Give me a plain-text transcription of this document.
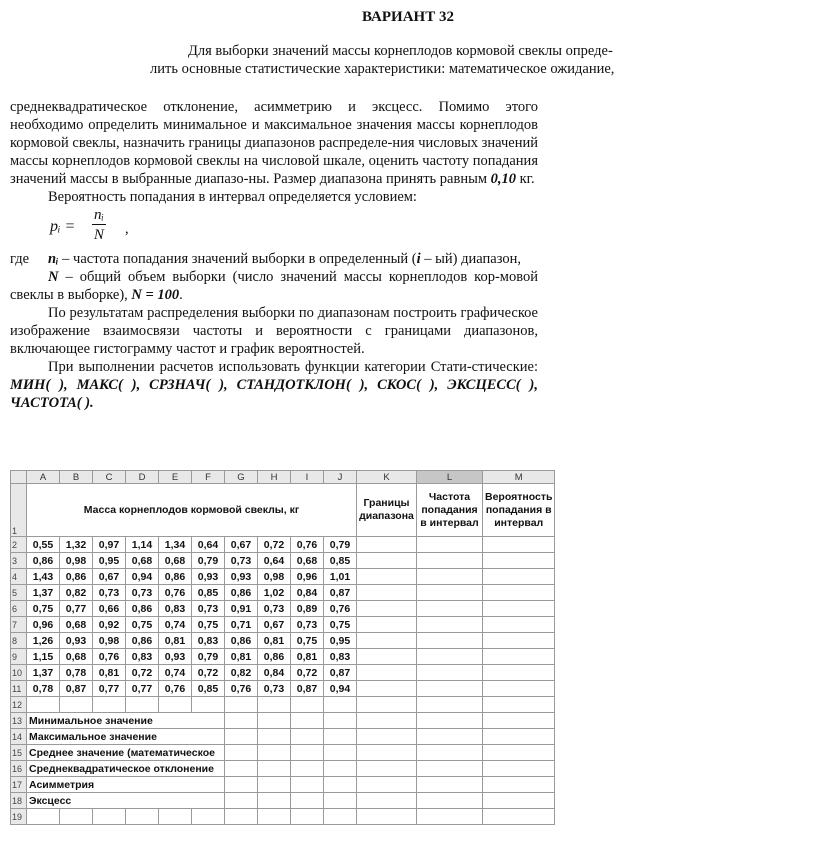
ВАРИАНТ 32

Для выборки значений массы корнеплодов кормовой свеклы опреде-
лить основные статистические характеристики: математическое ожидание,

среднеквадратическое отклонение, асимметрию и эксцесс. Помимо этого необходимо определить минимальное и максимальное значения массы корнеплодов кормовой свеклы, назначить границы диапазонов распределе-ния числовых значений массы корнеплодов кормовой свеклы на числовой шкале, оценить частоту попадания значений массы в выбранные диапазо-ны. Размер диапазона принять равным 0,10 кг.

Вероятность попадания в интервал определяется условием:

pᵢ = $\frac{\text{nᵢ}}{N}$ ,

где nᵢ – частота попадания значений выборки в определенный (i – ый) диапазон,

N – общий объем выборки (число значений массы корнеплодов кор-мовой свеклы в выборке), N = 100.

По результатам распределения выборки по диапазонам построить графическое изображение взаимосвязи частоты и вероятности с границами диапазонов, включающее гистограмму частот и график вероятностей.

При выполнении расчетов использовать функции категории Стати-стические: МИН( ), МАКС( ), СРЗНАЧ( ), СТАНДОТКЛОН( ), СКОС( ), ЭКСЦЕСС( ), ЧАСТОТА( ).

	A	B	C	D	E	F	G	H	I	J	K	L	M
1	Масса корнеплодов кормовой свеклы, кг										Границы диапазона	Частота попадания в интервал	Вероятность попадания в интервал
2	0,55	1,32	0,97	1,14	1,34	0,64	0,67	0,72	0,76	0,79			
3	0,86	0,98	0,95	0,68	0,68	0,79	0,73	0,64	0,68	0,85			
4	1,43	0,86	0,67	0,94	0,86	0,93	0,93	0,98	0,96	1,01			
5	1,37	0,82	0,73	0,73	0,76	0,85	0,86	1,02	0,84	0,87			
6	0,75	0,77	0,66	0,86	0,83	0,73	0,91	0,73	0,89	0,76			
7	0,96	0,68	0,92	0,75	0,74	0,75	0,71	0,67	0,73	0,75			
8	1,26	0,93	0,98	0,86	0,81	0,83	0,86	0,81	0,75	0,95			
9	1,15	0,68	0,76	0,83	0,93	0,79	0,81	0,86	0,81	0,83			
10	1,37	0,78	0,81	0,72	0,74	0,72	0,82	0,84	0,72	0,87			
11	0,78	0,87	0,77	0,77	0,76	0,85	0,76	0,73	0,87	0,94			
12													
13	Минимальное значение												
14	Максимальное значение												
15	Среднее значение (математическое												
16	Среднеквадратическое отклонение												
17	Асимметрия												
18	Эксцесс												
19													
